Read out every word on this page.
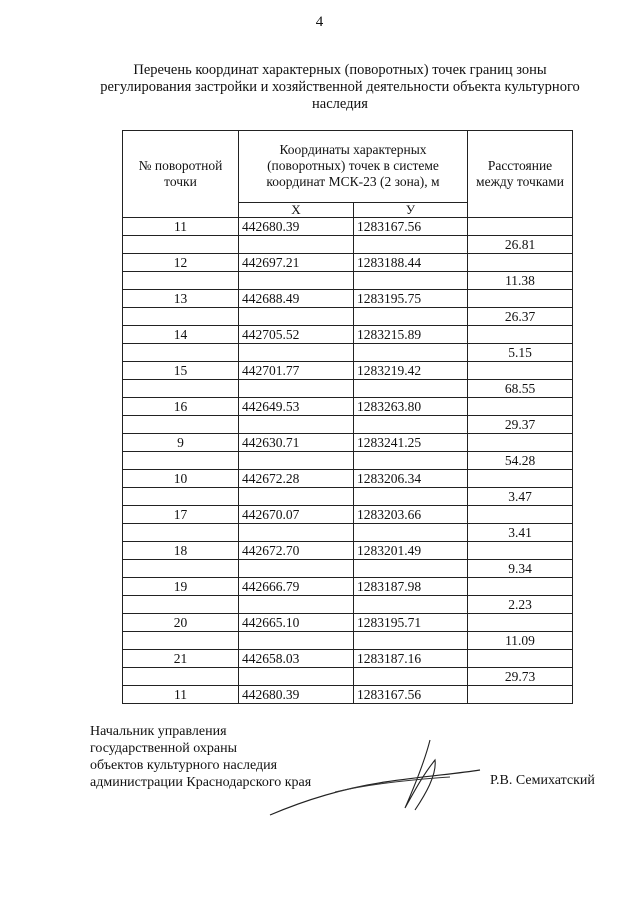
4
Перечень координат характерных (поворотных) точек границ зоны
регулирования застройки и хозяйственной деятельности объекта культурного
наследия
№ поворотной точки	Координаты характерных (поворотных) точек в системе координат МСК-23 (2 зона), м		Расстояние между точками
	Х	У	
11	442680.39	1283167.56	
			26.81
12	442697.21	1283188.44	
			11.38
13	442688.49	1283195.75	
			26.37
14	442705.52	1283215.89	
			5.15
15	442701.77	1283219.42	
			68.55
16	442649.53	1283263.80	
			29.37
9	442630.71	1283241.25	
			54.28
10	442672.28	1283206.34	
			3.47
17	442670.07	1283203.66	
			3.41
18	442672.70	1283201.49	
			9.34
19	442666.79	1283187.98	
			2.23
20	442665.10	1283195.71	
			11.09
21	442658.03	1283187.16	
			29.73
11	442680.39	1283167.56	
Начальник управления
государственной охраны
объектов культурного наследия
администрации Краснодарского края	Р.В. Семихатский
